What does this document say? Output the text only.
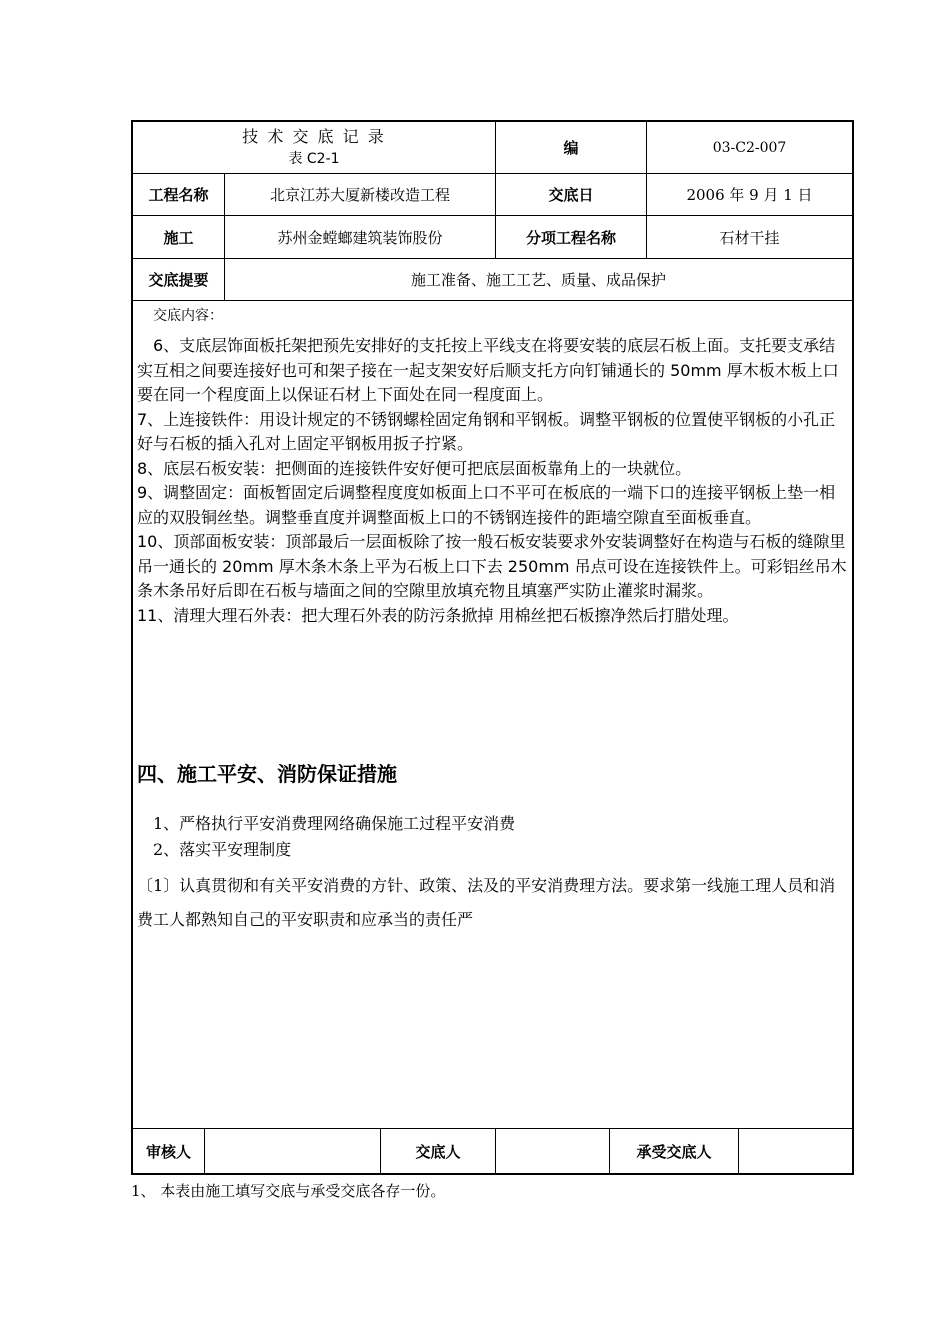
技 术 交 底 记 录
表 C2-1
编	03-C2-007
工程名称	北京江苏大厦新楼改造工程	交底日	2006 年 9 月 1 日
施工	苏州金螳螂建筑装饰股份	分项工程名称	石材干挂
交底提要	施工准备、施工工艺、质量、成品保护
交底内容：

　6、支底层饰面板托架把预先安排好的支托按上平线支在将要安装的底层石板上面。支托要支承结实互相之间要连接好也可和架子接在一起支架安好后顺支托方向钉铺通长的 50mm 厚木板木板上口要在同一个程度面上以保证石材上下面处在同一程度面上。

7、上连接铁件：用设计规定的不锈钢螺栓固定角钢和平钢板。调整平钢板的位置使平钢板的小孔正好与石板的插入孔对上固定平钢板用扳子拧紧。

8、底层石板安装：把侧面的连接铁件安好便可把底层面板靠角上的一块就位。

9、调整固定：面板暂固定后调整程度度如板面上口不平可在板底的一端下口的连接平钢板上垫一相应的双股铜丝垫。调整垂直度并调整面板上口的不锈钢连接件的距墙空隙直至面板垂直。

10、顶部面板安装：顶部最后一层面板除了按一般石板安装要求外安装调整好在构造与石板的缝隙里吊一通长的 20mm 厚木条木条上平为石板上口下去 250mm 吊点可设在连接铁件上。可彩铝丝吊木条木条吊好后即在石板与墙面之间的空隙里放填充物且填塞严实防止灌浆时漏浆。

11、清理大理石外表：把大理石外表的防污条掀掉 用棉丝把石板擦净然后打腊处理。

四、施工平安、消防保证措施

　1、严格执行平安消费理网络确保施工过程平安消费

　2、落实平安理制度

〔1〕认真贯彻和有关平安消费的方针、政策、法及的平安消费理方法。要求第一线施工理人员和消费工人都熟知自己的平安职责和应承当的责任严

审核人	交底人	承受交底人
1、 本表由施工填写交底与承受交底各存一份。
